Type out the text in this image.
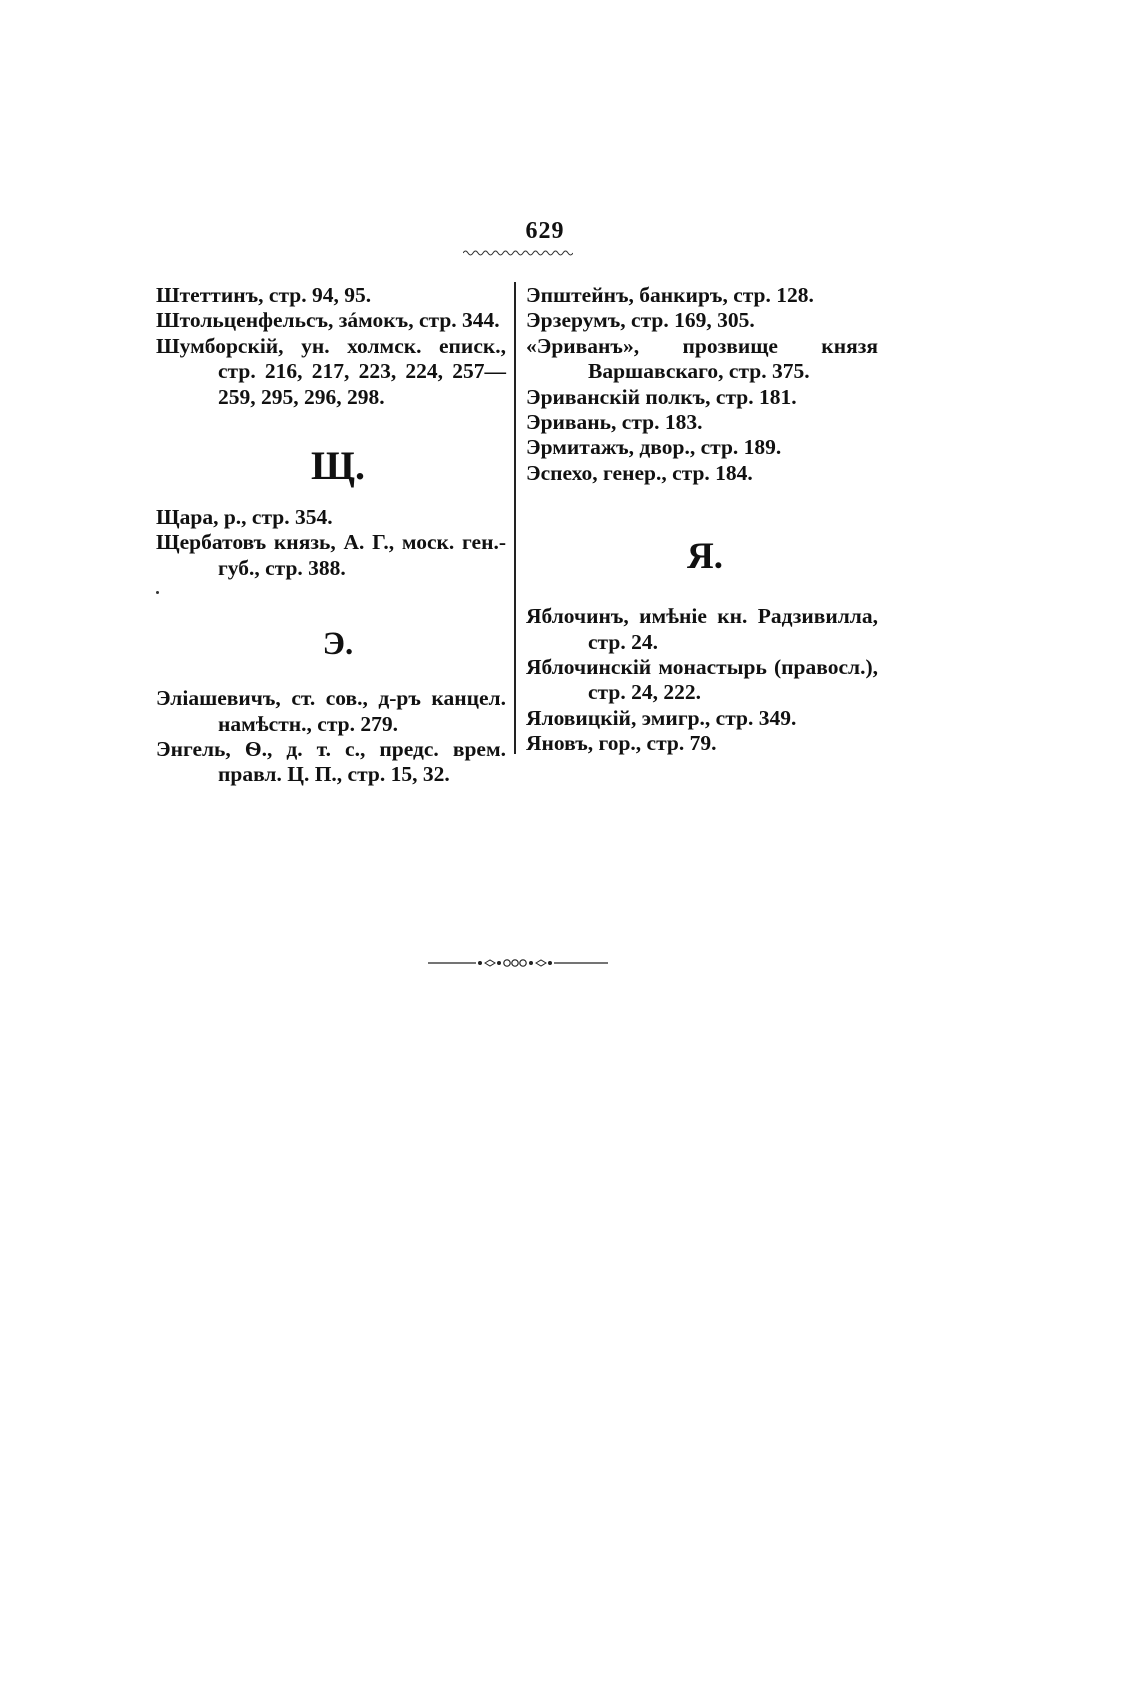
629

Штеттинъ, стр. 94, 95.

Штольценфельсъ, зáмокъ, стр. 344.

Шумборскій, ун. холмск. еписк., стр. 216, 217, 223, 224, 257—259, 295, 296, 298.

Щ.

Щара, р., стр. 354.

Щербатовъ князь, А. Г., моск. ген.-губ., стр. 388.

Э.

Эліашевичъ, ст. сов., д-ръ канцел. намѣстн., стр. 279.

Энгель, Ѳ., д. т. с., предс. врем. правл. Ц. П., стр. 15, 32.

Эпштейнъ, банкиръ, стр. 128.

Эрзерумъ, стр. 169, 305.

«Эриванъ», прозвище князя Варшавскаго, стр. 375.

Эриванскій полкъ, стр. 181.

Эривань, стр. 183.

Эрмитажъ, двор., стр. 189.

Эспехо, генер., стр. 184.

Я.

Яблочинъ, имѣніе кн. Радзивилла, стр. 24.

Яблочинскій монастырь (правосл.), стр. 24, 222.

Яловицкій, эмигр., стр. 349.

Яновъ, гор., стр. 79.
